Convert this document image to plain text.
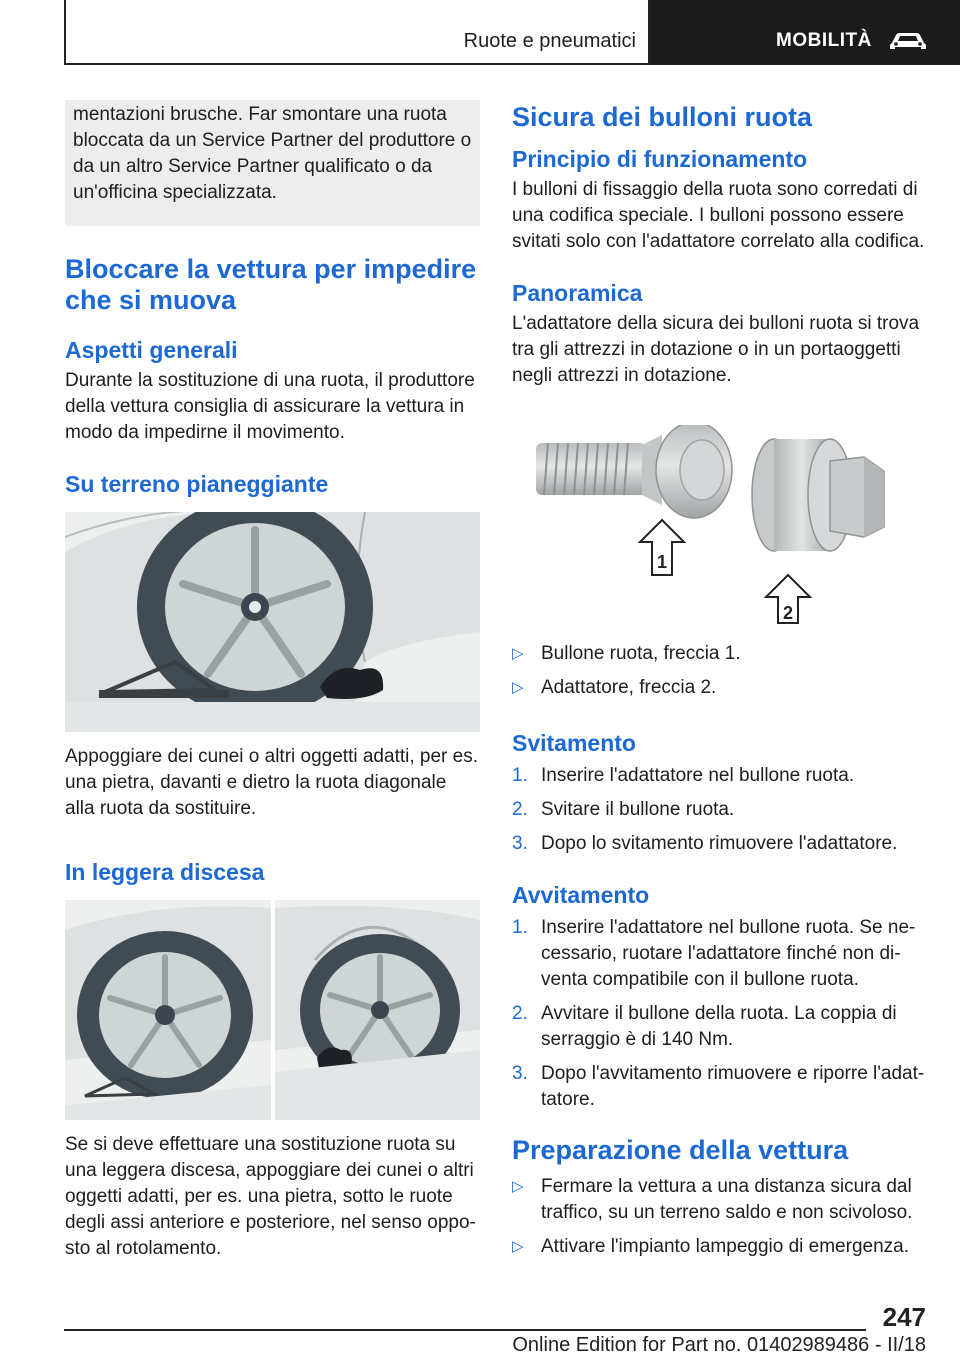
Ruote e pneumatici	MOBILITÀ

mentazioni brusche. Far smontare una ruota bloccata da un Service Partner del produttore o da un altro Service Partner qualificato o da un'officina specializzata.

Bloccare la vettura per impedire che si muova
Aspetti generali

Durante la sostituzione di una ruota, il produttore della vettura consiglia di assicurare la vettura in modo da impedirne il movimento.

Su terreno pianeggiante

Appoggiare dei cunei o altri oggetti adatti, per es. una pietra, davanti e dietro la ruota diagonale alla ruota da sostituire.

In leggera discesa

Se si deve effettuare una sostituzione ruota su una leggera discesa, appoggiare dei cunei o altri oggetti adatti, per es. una pietra, sotto le ruote degli assi anteriore e posteriore, nel senso opposto al rotolamento.

Sicura dei bulloni ruota
Principio di funzionamento

I bulloni di fissaggio della ruota sono corredati di una codifica speciale. I bulloni possono essere svitati solo con l'adattatore correlato alla codifica.

Panoramica

L'adattatore della sicura dei bulloni ruota si trova tra gli attrezzi in dotazione o in un portaoggetti negli attrezzi in dotazione.

1
2
▷ Bullone ruota, freccia 1.
▷ Adattatore, freccia 2.
Svitamento
1. Inserire l'adattatore nel bullone ruota.
2. Svitare il bullone ruota.
3. Dopo lo svitamento rimuovere l'adattatore.
Avvitamento
1. Inserire l'adattatore nel bullone ruota. Se necessario, ruotare l'adattatore finché non diventa compatibile con il bullone ruota.
2. Avvitare il bullone della ruota. La coppia di serraggio è di 140 Nm.
3. Dopo l'avvitamento rimuovere e riporre l'adattatore.
Preparazione della vettura
▷ Fermare la vettura a una distanza sicura dal traffico, su un terreno saldo e non scivoloso.
▷ Attivare l'impianto lampeggio di emergenza.
247
Online Edition for Part no. 01402989486 - II/18
